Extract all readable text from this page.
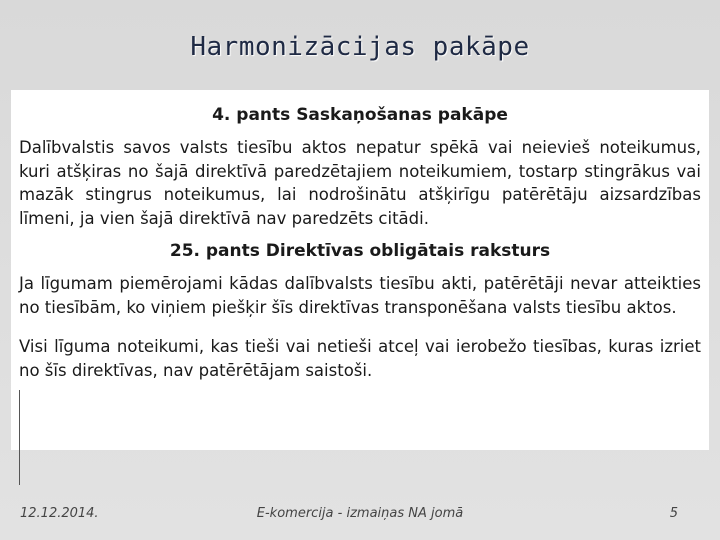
Harmonizācijas pakāpe

4. pants Saskaņošanas pakāpe

Dalībvalstis savos valsts tiesību aktos nepatur spēkā vai neievieš noteikumus, kuri atšķiras no šajā direktīvā paredzētajiem noteikumiem, tostarp stingrākus vai mazāk stingrus noteikumus, lai nodrošinātu atšķirīgu patērētāju aizsardzības līmeni, ja vien šajā direktīvā nav paredzēts citādi.

25. pants Direktīvas obligātais raksturs

Ja līgumam piemērojami kādas dalībvalsts tiesību akti, patērētāji nevar atteikties no tiesībām, ko viņiem piešķir šīs direktīvas transponēšana valsts tiesību aktos.

Visi līguma noteikumi, kas tieši vai netieši atceļ vai ierobežo tiesības, kuras izriet no šīs direktīvas, nav patērētājam saistoši.

12.12.2014.	E-komercija - izmaiņas NA jomā	5
